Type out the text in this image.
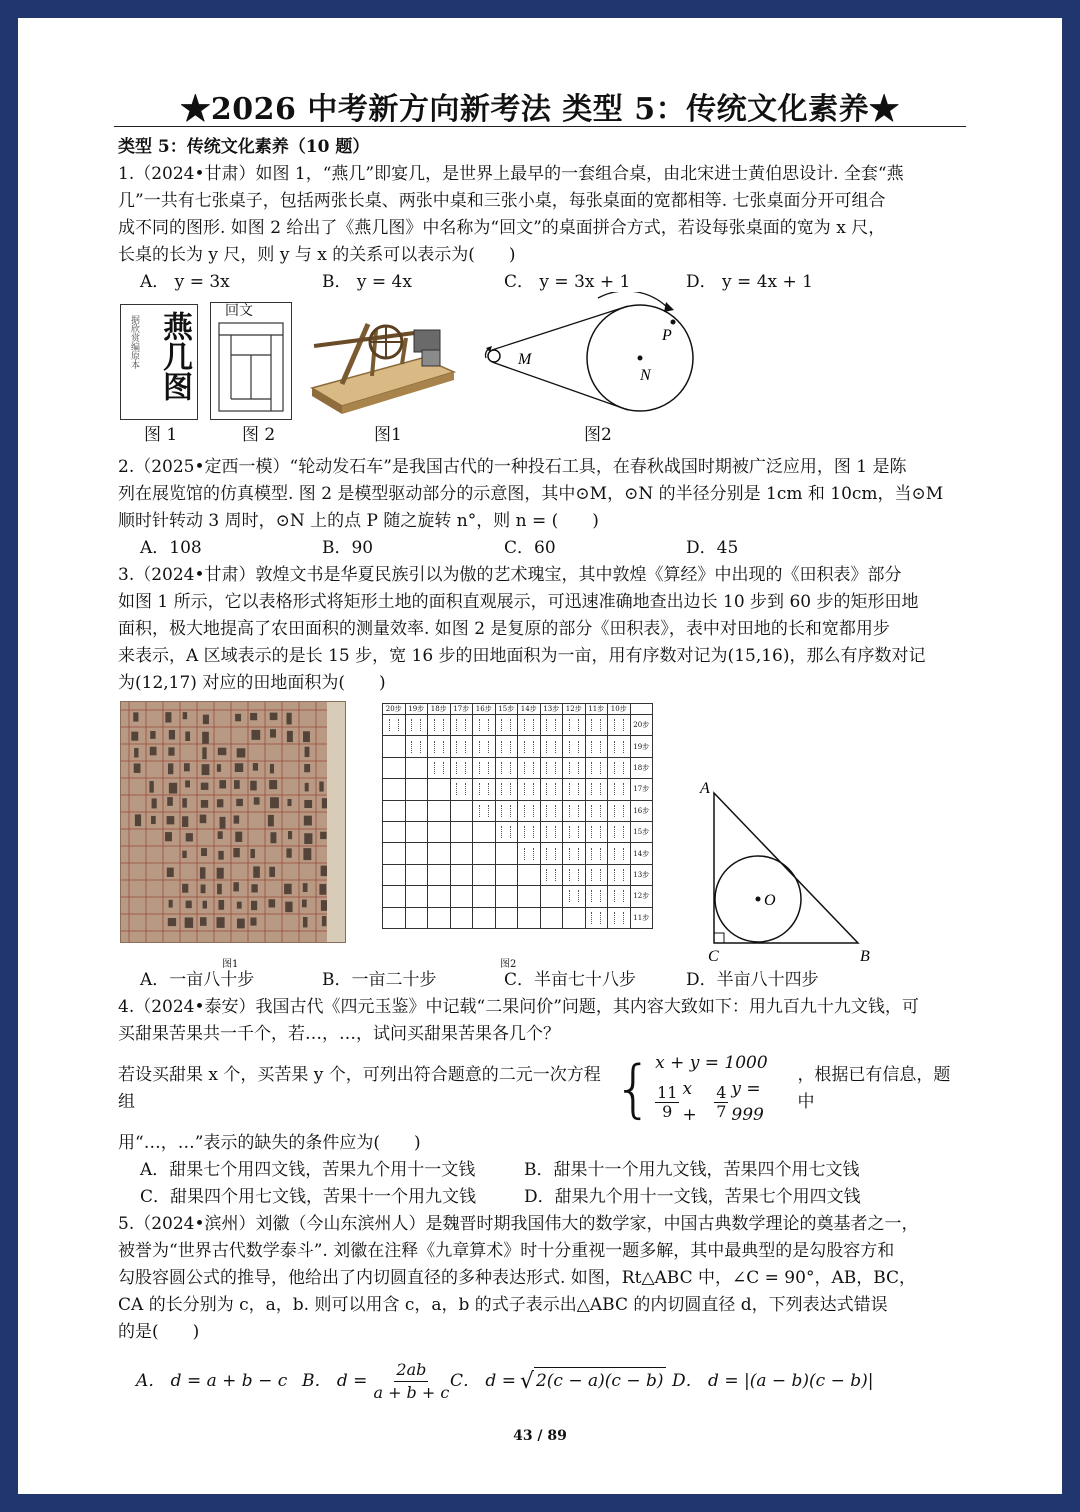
★2026 中考新方向新考法 类型 5：传统文化素养★

类型 5：传统文化素养（10 题）

1.（2024•甘肃）如图 1，“燕几”即宴几，是世界上最早的一套组合桌，由北宋进士黄伯思设计. 全套“燕

几”一共有七张桌子，包括两张长桌、两张中桌和三张小桌，每张桌面的宽都相等. 七张桌面分开可组合

成不同的图形. 如图 2 给出了《燕几图》中名称为“回文”的桌面拼合方式，若设每张桌面的宽为 x 尺，

长桌的长为 y 尺，则 y 与 x 的关系可以表示为(　　)

A． y = 3x	B． y = 4x	C． y = 3x + 1	D． y = 4x + 1
据欣赏编原本 燕几图 回文
图 1	图 2	图1
M
P
N
图2

2.（2025•定西一模）“轮动发石车”是我国古代的一种投石工具，在春秋战国时期被广泛应用，图 1 是陈

列在展览馆的仿真模型. 图 2 是模型驱动部分的示意图，其中⊙M，⊙N 的半径分别是 1cm 和 10cm，当⊙M

顺时针转动 3 周时，⊙N 上的点 P 随之旋转 n°，则 n = (　　)

A．108	B．90	C．60	D．45

3.（2024•甘肃）敦煌文书是华夏民族引以为傲的艺术瑰宝，其中敦煌《算经》中出现的《田积表》部分

如图 1 所示，它以表格形式将矩形土地的面积直观展示，可迅速准确地查出边长 10 步到 60 步的矩形田地

面积，极大地提高了农田面积的测量效率. 如图 2 是复原的部分《田积表》，表中对田地的长和宽都用步

来表示，A 区域表示的是长 15 步，宽 16 步的田地面积为一亩，用有序数对记为(15,16)，那么有序数对记

为(12,17) 对应的田地面积为(　　)

图1
20步	19步	18步	17步	16步	15步	14步	13步	12步	11步	10步	

	20步

	19步

	18步

	17步

	16步

	15步

	14步

	13步

	12步

	11步
图2
A
C	B
O
A．一亩八十步	B．一亩二十步	C．半亩七十八步	D．半亩八十四步

4.（2024•泰安）我国古代《四元玉鉴》中记载“二果问价”问题，其内容大致如下：用九百九十九文钱，可

买甜果苦果共一千个，若…，…，试问买甜果苦果各几个？

若设买甜果 x 个，买苦果 y 个，可列出符合题意的二元一次方程组	{ x + y = 1000
$\frac{11}{9}$ x +	$\frac{4}{7}$ y = 999
，根据已有信息，题中

用“…，…”表示的缺失的条件应为(　　)

A．甜果七个用四文钱，苦果九个用十一文钱	B．甜果十一个用九文钱，苦果四个用七文钱
C．甜果四个用七文钱，苦果十一个用九文钱	D．甜果九个用十一文钱，苦果七个用四文钱

5.（2024•滨州）刘徽（今山东滨州人）是魏晋时期我国伟大的数学家，中国古典数学理论的奠基者之一，

被誉为“世界古代数学泰斗”. 刘徽在注释《九章算术》时十分重视一题多解，其中最典型的是勾股容方和

勾股容圆公式的推导，他给出了内切圆直径的多种表达形式. 如图，Rt△ABC 中，∠C = 90°，AB，BC，

CA 的长分别为 c，a，b. 则可以用含 c，a，b 的式子表示出△ABC 的内切圆直径 d，下列表达式错误

的是(　　)

A． d = a + b − c B． $d = \frac{2ab}{a + b + c}$ C． d = √ 2(c − a)(c − b) D． d = |(a − b)(c − b)|
43 / 89
